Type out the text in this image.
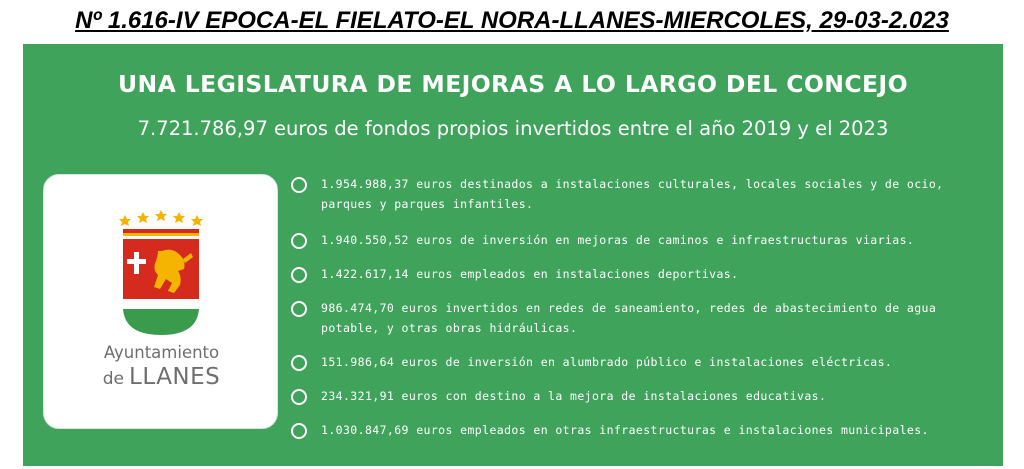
Nº 1.616-IV EPOCA-EL FIELATO-EL NORA-LLANES-MIERCOLES, 29-03-2.023
UNA LEGISLATURA DE MEJORAS A LO LARGO DEL CONCEJO
7.721.786,97 euros de fondos propios invertidos entre el año 2019 y el 2023
Ayuntamiento
de LLANES
1.954.988,37 euros destinados a instalaciones culturales, locales sociales y de ocio, parques y parques infantiles.
1.940.550,52 euros de inversión en mejoras de caminos e infraestructuras viarias.
1.422.617,14 euros empleados en instalaciones deportivas.
986.474,70 euros invertidos en redes de saneamiento, redes de abastecimiento de agua potable, y otras obras hidráulicas.
151.986,64 euros de inversión en alumbrado público e instalaciones eléctricas.
234.321,91 euros con destino a la mejora de instalaciones educativas.
1.030.847,69 euros empleados en otras infraestructuras e instalaciones municipales.
